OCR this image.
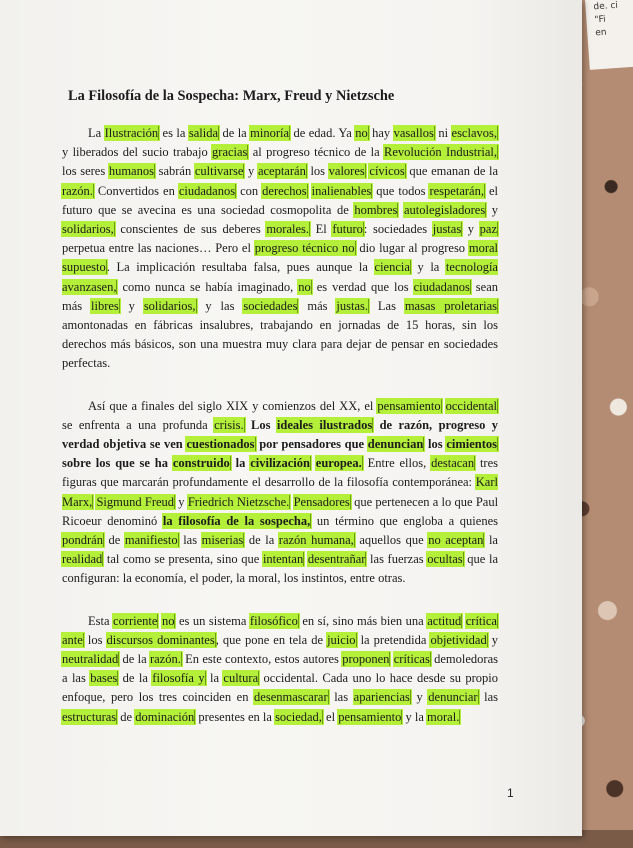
de. ci
"Fi
en
La Filosofía de la Sospecha: Marx, Freud y Nietzsche

La Ilustración es la salida de la minoría de edad. Ya no hay vasallos ni esclavos, y liberados del sucio trabajo gracias al progreso técnico de la Revolución Industrial, los seres humanos sabrán cultivarse y aceptarán los valores cívicos que emanan de la razón. Convertidos en ciudadanos con derechos inalienables que todos respetarán, el futuro que se avecina es una sociedad cosmopolita de hombres autolegisladores y solidarios, conscientes de sus deberes morales. El futuro: sociedades justas y paz perpetua entre las naciones… Pero el progreso técnico no dio lugar al progreso moral supuesto. La implicación resultaba falsa, pues aunque la ciencia y la tecnología avanzasen, como nunca se había imaginado, no es verdad que los ciudadanos sean más libres y solidarios, y las sociedades más justas. Las masas proletarias amontonadas en fábricas insalubres, trabajando en jornadas de 15 horas, sin los derechos más básicos, son una muestra muy clara para dejar de pensar en sociedades perfectas.

Así que a finales del siglo XIX y comienzos del XX, el pensamiento occidental se enfrenta a una profunda crisis. Los ideales ilustrados de razón, progreso y verdad objetiva se ven cuestionados por pensadores que denuncian los cimientos sobre los que se ha construido la civilización europea. Entre ellos, destacan tres figuras que marcarán profundamente el desarrollo de la filosofía contemporánea: Karl Marx, Sigmund Freud y Friedrich Nietzsche. Pensadores que pertenecen a lo que Paul Ricoeur denominó la filosofía de la sospecha, un término que engloba a quienes pondrán de manifiesto las miserias de la razón humana, aquellos que no aceptan la realidad tal como se presenta, sino que intentan desentrañar las fuerzas ocultas que la configuran: la economía, el poder, la moral, los instintos, entre otras.

Esta corriente no es un sistema filosófico en sí, sino más bien una actitud crítica ante los discursos dominantes, que pone en tela de juicio la pretendida objetividad y neutralidad de la razón. En este contexto, estos autores proponen críticas demoledoras a las bases de la filosofía y la cultura occidental. Cada uno lo hace desde su propio enfoque, pero los tres coinciden en desenmascarar las apariencias y denunciar las estructuras de dominación presentes en la sociedad, el pensamiento y la moral.

1
